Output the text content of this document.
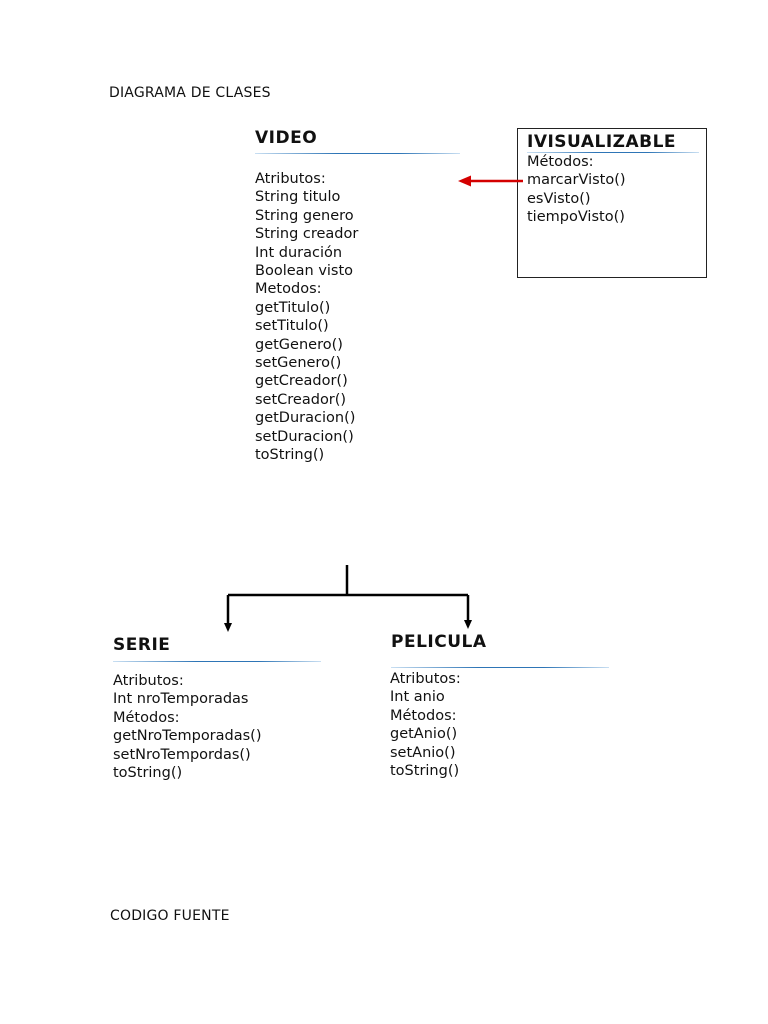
DIAGRAMA DE CLASES
VIDEO
Atributos:
String titulo
String genero
String creador
Int duración
Boolean visto
Metodos:
getTitulo()
setTitulo()
getGenero()
setGenero()
getCreador()
setCreador()
getDuracion()
setDuracion()
toString()
IVISUALIZABLE
Métodos:
marcarVisto()
esVisto()
tiempoVisto()
SERIE
Atributos:
Int nroTemporadas
Métodos:
getNroTemporadas()
setNroTempordas()
toString()
PELICULA
Atributos:
Int anio
Métodos:
getAnio()
setAnio()
toString()
CODIGO FUENTE
